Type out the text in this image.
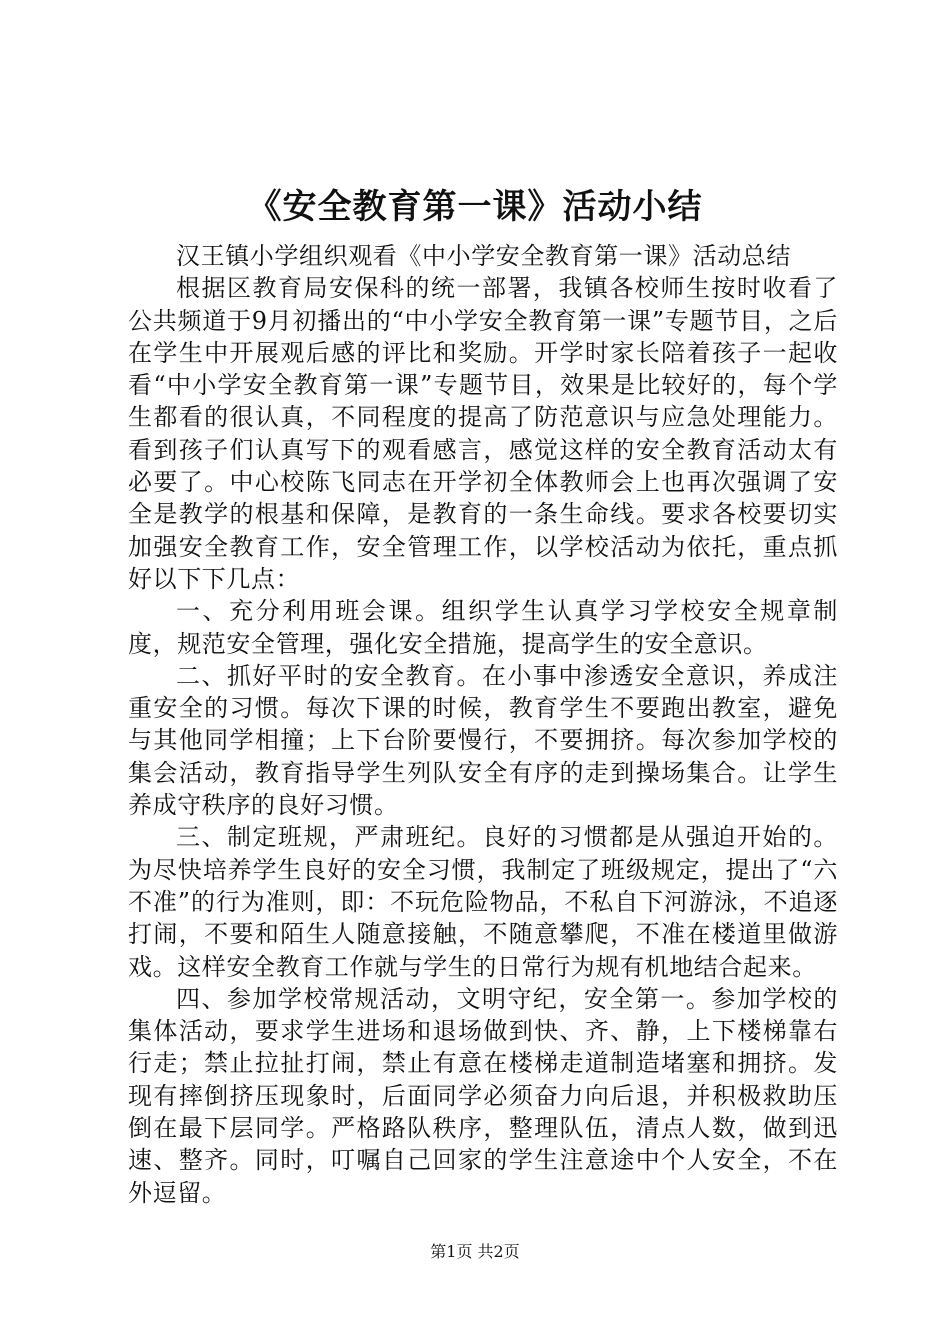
《安全教育第一课》活动小结

汉王镇小学组织观看《中小学安全教育第一课》活动总结

根据区教育局安保科的统一部署，我镇各校师生按时收看了公共频道于9月初播出的“中小学安全教育第一课”专题节目，之后在学生中开展观后感的评比和奖励。开学时家长陪着孩子一起收看“中小学安全教育第一课”专题节目，效果是比较好的，每个学生都看的很认真，不同程度的提高了防范意识与应急处理能力。看到孩子们认真写下的观看感言，感觉这样的安全教育活动太有必要了。中心校陈飞同志在开学初全体教师会上也再次强调了安全是教学的根基和保障，是教育的一条生命线。要求各校要切实加强安全教育工作，安全管理工作，以学校活动为依托，重点抓好以下下几点：

一、充分利用班会课。组织学生认真学习学校安全规章制度，规范安全管理，强化安全措施，提高学生的安全意识。

二、抓好平时的安全教育。在小事中渗透安全意识，养成注重安全的习惯。每次下课的时候，教育学生不要跑出教室，避免与其他同学相撞；上下台阶要慢行，不要拥挤。每次参加学校的集会活动，教育指导学生列队安全有序的走到操场集合。让学生养成守秩序的良好习惯。

三、制定班规，严肃班纪。良好的习惯都是从强迫开始的。为尽快培养学生良好的安全习惯，我制定了班级规定，提出了“六不准”的行为准则，即：不玩危险物品，不私自下河游泳，不追逐打闹，不要和陌生人随意接触，不随意攀爬，不准在楼道里做游戏。这样安全教育工作就与学生的日常行为规有机地结合起来。

四、参加学校常规活动，文明守纪，安全第一。参加学校的集体活动，要求学生进场和退场做到快、齐、静，上下楼梯靠右行走；禁止拉扯打闹，禁止有意在楼梯走道制造堵塞和拥挤。发现有摔倒挤压现象时，后面同学必须奋力向后退，并积极救助压倒在最下层同学。严格路队秩序，整理队伍，清点人数，做到迅速、整齐。同时，叮嘱自己回家的学生注意途中个人安全，不在外逗留。

第1页 共2页
